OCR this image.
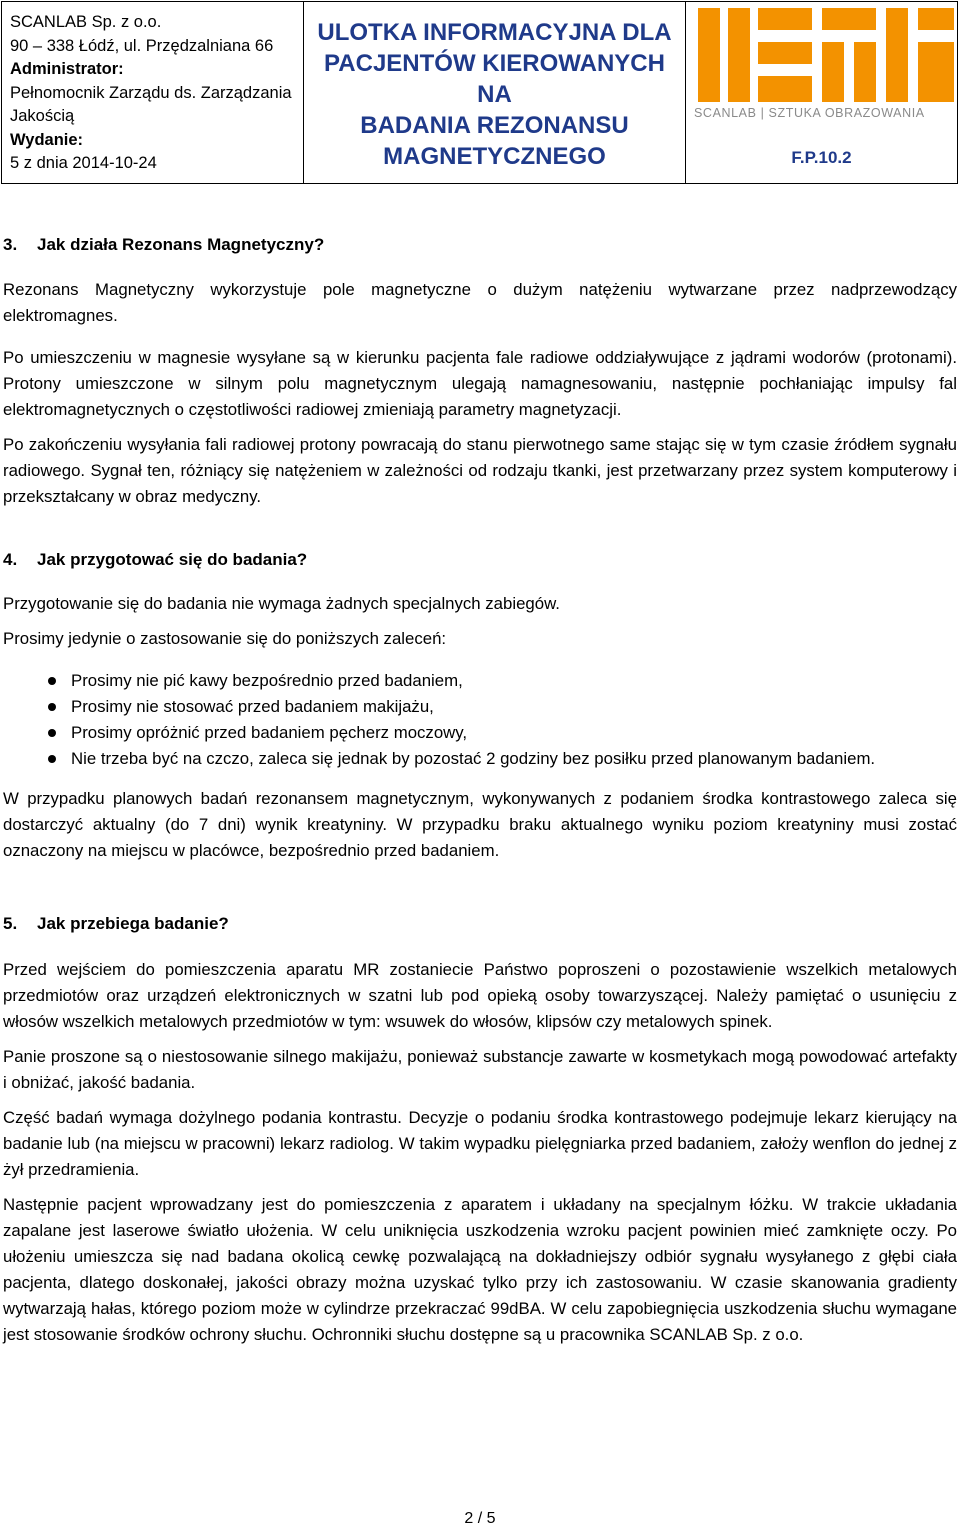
SCANLAB Sp. z o.o.
90 – 338 Łódź, ul. Przędzalniana 66
Administrator:
Pełnomocnik Zarządu ds. Zarządzania
Jakością
Wydanie:
5 z dnia 2014-10-24
ULOTKA INFORMACYJNA DLA
PACJENTÓW KIEROWANYCH NA
BADANIA REZONANSU
MAGNETYCZNEGO
SCANLAB | SZTUKA OBRAZOWANIA
F.P.10.2
3. Jak działa Rezonans Magnetyczny?

Rezonans Magnetyczny wykorzystuje pole magnetyczne o dużym natężeniu wytwarzane przez nadprzewodzący elektromagnes.

Po umieszczeniu w magnesie wysyłane są w kierunku pacjenta fale radiowe oddziaływujące z jądrami wodorów (protonami). Protony umieszczone w silnym polu magnetycznym ulegają namagnesowaniu, następnie pochłaniając impulsy fal elektromagnetycznych o częstotliwości radiowej zmieniają parametry magnetyzacji.

Po zakończeniu wysyłania fali radiowej protony powracają do stanu pierwotnego same stając się w tym czasie źródłem sygnału radiowego. Sygnał ten, różniący się natężeniem w zależności od rodzaju tkanki, jest przetwarzany przez system komputerowy i przekształcany w obraz medyczny.

4. Jak przygotować się do badania?

Przygotowanie się do badania nie wymaga żadnych specjalnych zabiegów.

Prosimy jedynie o zastosowanie się do poniższych zaleceń:

Prosimy nie pić kawy bezpośrednio przed badaniem,
Prosimy nie stosować przed badaniem makijażu,
Prosimy opróżnić przed badaniem pęcherz moczowy,
Nie trzeba być na czczo, zaleca się jednak by pozostać 2 godziny bez posiłku przed planowanym badaniem.

W przypadku planowych badań rezonansem magnetycznym, wykonywanych z podaniem środka kontrastowego zaleca się dostarczyć aktualny (do 7 dni) wynik kreatyniny. W przypadku braku aktualnego wyniku poziom kreatyniny musi zostać oznaczony na miejscu w placówce, bezpośrednio przed badaniem.

5. Jak przebiega badanie?

Przed wejściem do pomieszczenia aparatu MR zostaniecie Państwo poproszeni o pozostawienie wszelkich metalowych przedmiotów oraz urządzeń elektronicznych w szatni lub pod opieką osoby towarzyszącej. Należy pamiętać o usunięciu z włosów wszelkich metalowych przedmiotów w tym: wsuwek do włosów, klipsów czy metalowych spinek.

Panie proszone są o niestosowanie silnego makijażu, ponieważ substancje zawarte w kosmetykach mogą powodować artefakty i obniżać, jakość badania.

Część badań wymaga dożylnego podania kontrastu. Decyzje o podaniu środka kontrastowego podejmuje lekarz kierujący na badanie lub (na miejscu w pracowni) lekarz radiolog. W takim wypadku pielęgniarka przed badaniem, założy wenflon do jednej z żył przedramienia.

Następnie pacjent wprowadzany jest do pomieszczenia z aparatem i układany na specjalnym łóżku. W trakcie układania zapalane jest laserowe światło ułożenia. W celu uniknięcia uszkodzenia wzroku pacjent powinien mieć zamknięte oczy. Po ułożeniu umieszcza się nad badana okolicą cewkę pozwalającą na dokładniejszy odbiór sygnału wysyłanego z głębi ciała pacjenta, dlatego doskonałej, jakości obrazy można uzyskać tylko przy ich zastosowaniu. W czasie skanowania gradienty wytwarzają hałas, którego poziom może w cylindrze przekraczać 99dBA. W celu zapobiegnięcia uszkodzenia słuchu wymagane jest stosowanie środków ochrony słuchu. Ochronniki słuchu dostępne są u pracownika SCANLAB Sp. z o.o.

2 / 5
